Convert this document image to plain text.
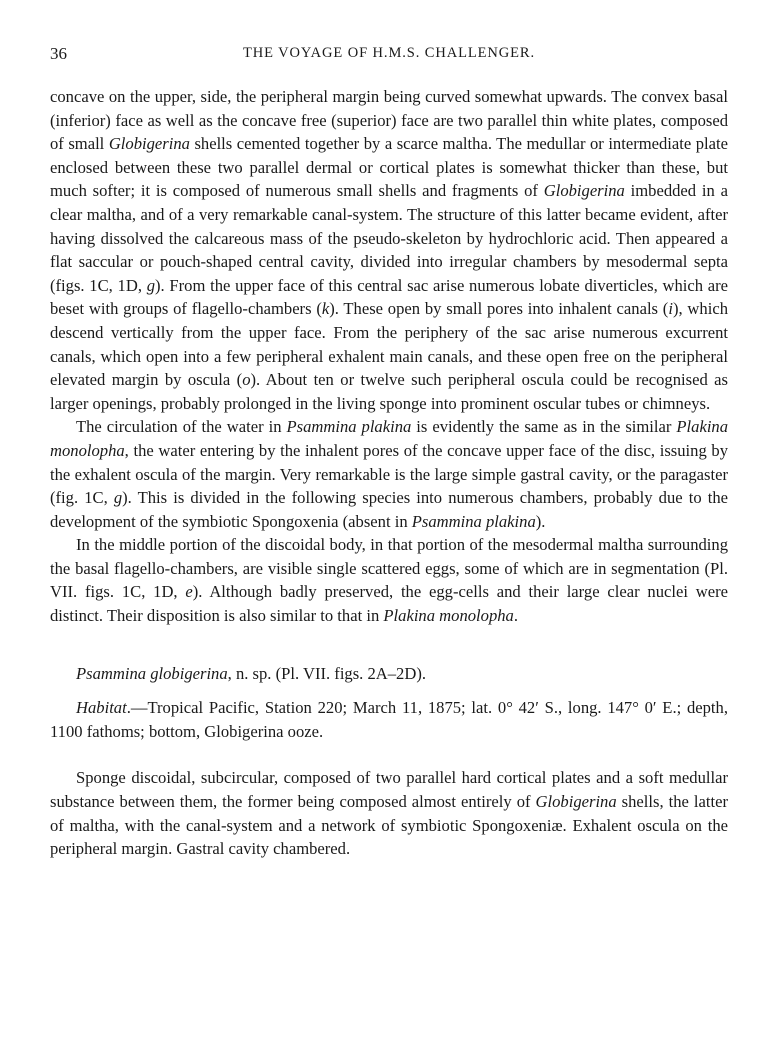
36	THE VOYAGE OF H.M.S. CHALLENGER.

concave on the upper, side, the peripheral margin being curved somewhat upwards. The convex basal (inferior) face as well as the concave free (superior) face are two parallel thin white plates, composed of small Globigerina shells cemented together by a scarce maltha. The medullar or intermediate plate enclosed between these two parallel dermal or cortical plates is somewhat thicker than these, but much softer; it is composed of numerous small shells and fragments of Globigerina imbedded in a clear maltha, and of a very remarkable canal-system. The structure of this latter became evident, after having dissolved the calcareous mass of the pseudo-skeleton by hydrochloric acid. Then appeared a flat saccular or pouch-shaped central cavity, divided into irregular chambers by mesodermal septa (figs. 1C, 1D, g). From the upper face of this central sac arise numerous lobate diverticles, which are beset with groups of flagello-chambers (k). These open by small pores into inhalent canals (i), which descend vertically from the upper face. From the periphery of the sac arise numerous excurrent canals, which open into a few peripheral exhalent main canals, and these open free on the peripheral elevated margin by oscula (o). About ten or twelve such peripheral oscula could be recognised as larger openings, probably prolonged in the living sponge into prominent oscular tubes or chimneys.

The circulation of the water in Psammina plakina is evidently the same as in the similar Plakina monolopha, the water entering by the inhalent pores of the concave upper face of the disc, issuing by the exhalent oscula of the margin. Very remarkable is the large simple gastral cavity, or the paragaster (fig. 1C, g). This is divided in the following species into numerous chambers, probably due to the development of the symbiotic Spongoxenia (absent in Psammina plakina).

In the middle portion of the discoidal body, in that portion of the mesodermal maltha surrounding the basal flagello-chambers, are visible single scattered eggs, some of which are in segmentation (Pl. VII. figs. 1C, 1D, e). Although badly preserved, the egg-cells and their large clear nuclei were distinct. Their disposition is also similar to that in Plakina monolopha.

Psammina globigerina, n. sp. (Pl. VII. figs. 2A–2D).

Habitat.—Tropical Pacific, Station 220; March 11, 1875; lat. 0° 42′ S., long. 147° 0′ E.; depth, 1100 fathoms; bottom, Globigerina ooze.

Sponge discoidal, subcircular, composed of two parallel hard cortical plates and a soft medullar substance between them, the former being composed almost entirely of Globigerina shells, the latter of maltha, with the canal-system and a network of symbiotic Spongoxeniæ. Exhalent oscula on the peripheral margin. Gastral cavity chambered.
